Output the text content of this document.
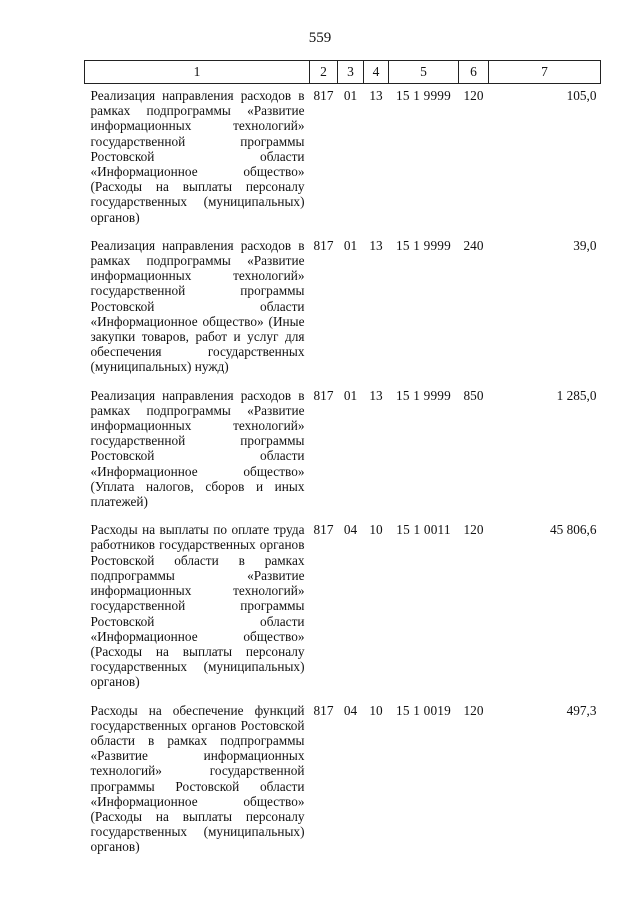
559
1	2	3	4	5	6	7
Реализация направления расходов в рамках подпрограммы «Развитие информационных технологий» государственной программы Ростовской области «Информационное общество» (Расходы на выплаты персоналу государственных (муниципальных) органов)	817	01	13	15 1 9999	120	105,0
Реализация направления расходов в рамках подпрограммы «Развитие информационных технологий» государственной программы Ростовской области «Информационное общество» (Иные закупки товаров, работ и услуг для обеспечения государственных (муниципальных) нужд)	817	01	13	15 1 9999	240	39,0
Реализация направления расходов в рамках подпрограммы «Развитие информационных технологий» государственной программы Ростовской области «Информационное общество» (Уплата налогов, сборов и иных платежей)	817	01	13	15 1 9999	850	1 285,0
Расходы на выплаты по оплате труда работников государственных органов Ростовской области в рамках подпрограммы «Развитие информационных технологий» государственной программы Ростовской области «Информационное общество» (Расходы на выплаты персоналу государственных (муниципальных) органов)	817	04	10	15 1 0011	120	45 806,6
Расходы на обеспечение функций государственных органов Ростовской области в рамках подпрограммы «Развитие информационных технологий» государственной программы Ростовской области «Информационное общество» (Расходы на выплаты персоналу государственных (муниципальных) органов)	817	04	10	15 1 0019	120	497,3
